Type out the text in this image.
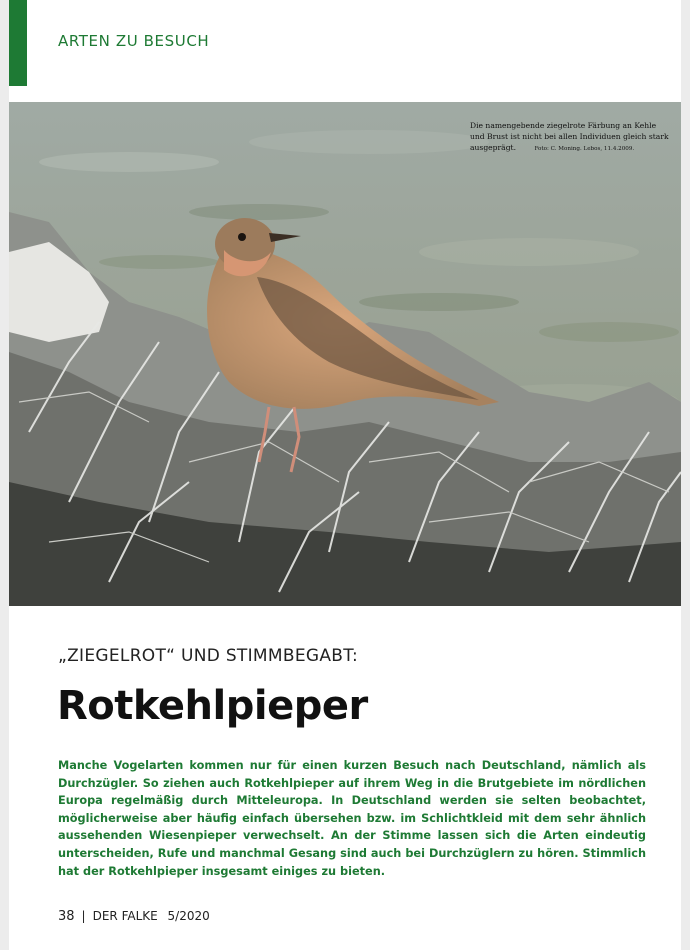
ARTEN ZU BESUCH
Die namengebende ziegelrote Färbung an Kehle und Brust ist nicht bei allen Individuen gleich stark ausgeprägt.	Foto: C. Moning. Lebos, 11.4.2009.
„ZIEGELROT“ UND STIMMBEGABT:
Rotkehlpieper
Manche Vogelarten kommen nur für einen kurzen Besuch nach Deutschland, nämlich als Durchzügler. So ziehen auch Rotkehlpieper auf ihrem Weg in die Brutgebiete im nördlichen Europa regelmäßig durch Mitteleuropa. In Deutschland werden sie selten beobachtet, möglicherweise aber häufig einfach übersehen bzw. im Schlichtkleid mit dem sehr ähnlich aussehenden Wiesenpieper verwechselt. An der Stimme lassen sich die Arten eindeutig unterscheiden, Rufe und manchmal Gesang sind auch bei Durchzüglern zu hören. Stimmlich hat der Rotkehlpieper insgesamt einiges zu bieten.
38 | DER FALKE 5/2020
